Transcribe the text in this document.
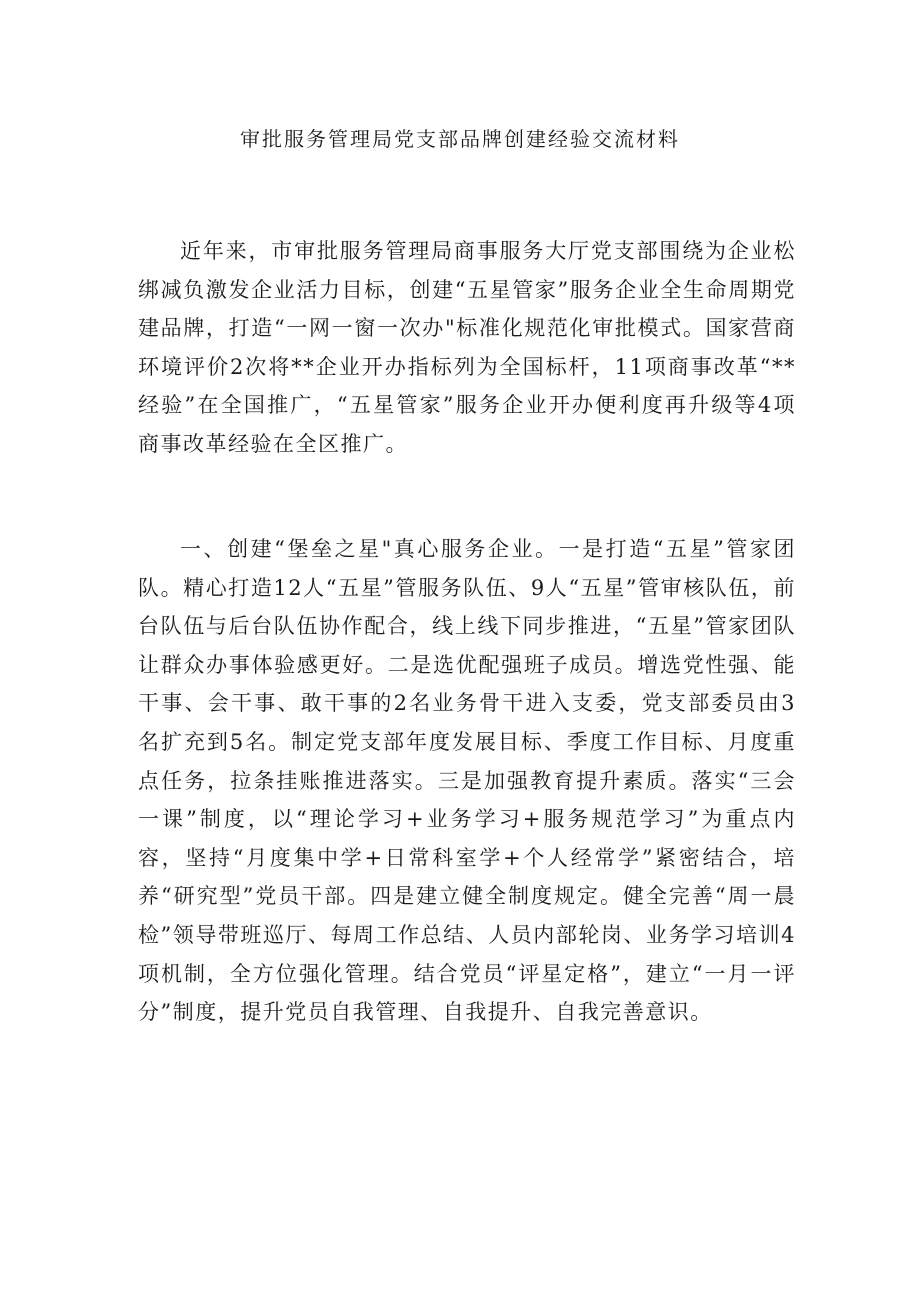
审批服务管理局党支部品牌创建经验交流材料

近年来，市审批服务管理局商事服务大厅党支部围绕为企业松绑减负激发企业活力目标，创建“五星管家”服务企业全生命周期党建品牌，打造“一网一窗一次办"标准化规范化审批模式。国家营商环境评价2次将**企业开办指标列为全国标杆，11项商事改革“**经验”在全国推广，“五星管家”服务企业开办便利度再升级等4项商事改革经验在全区推广。

一、创建“堡垒之星"真心服务企业。一是打造“五星”管家团队。精心打造12人“五星”管服务队伍、9人“五星”管审核队伍，前台队伍与后台队伍协作配合，线上线下同步推进，“五星”管家团队让群众办事体验感更好。二是选优配强班子成员。增选党性强、能干事、会干事、敢干事的2名业务骨干进入支委，党支部委员由3名扩充到5名。制定党支部年度发展目标、季度工作目标、月度重点任务，拉条挂账推进落实。三是加强教育提升素质。落实“三会一课”制度，以“理论学习+业务学习+服务规范学习”为重点内容，坚持“月度集中学+日常科室学+个人经常学”紧密结合，培养“研究型”党员干部。四是建立健全制度规定。健全完善“周一晨检”领导带班巡厅、每周工作总结、人员内部轮岗、业务学习培训4项机制，全方位强化管理。结合党员“评星定格”，建立“一月一评分”制度，提升党员自我管理、自我提升、自我完善意识。
